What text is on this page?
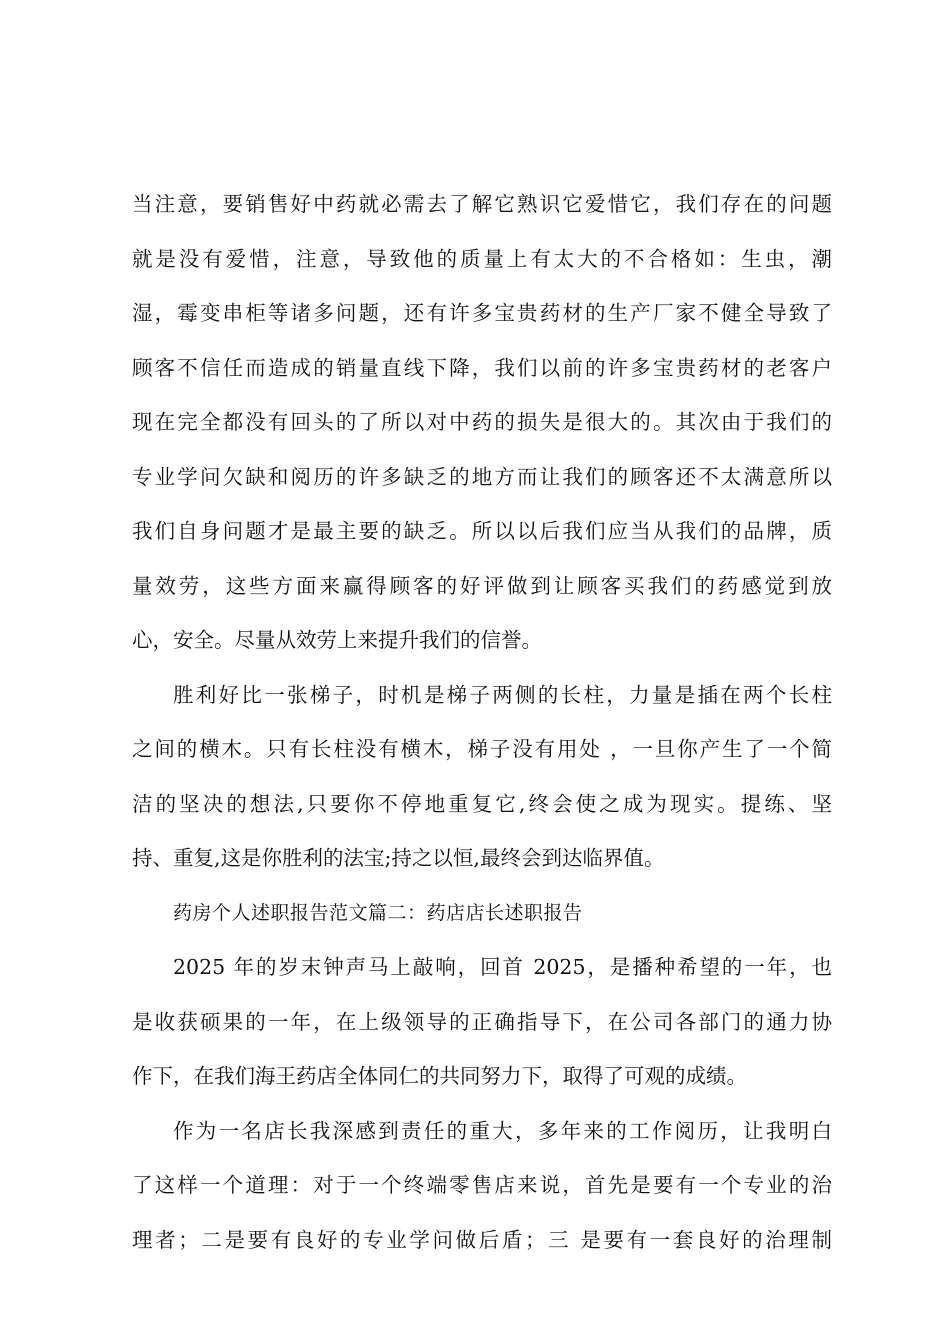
当注意，要销售好中药就必需去了解它熟识它爱惜它，我们存在的问题
就是没有爱惜，注意，导致他的质量上有太大的不合格如：生虫，潮
湿，霉变串柜等诸多问题，还有许多宝贵药材的生产厂家不健全导致了
顾客不信任而造成的销量直线下降，我们以前的许多宝贵药材的老客户
现在完全都没有回头的了所以对中药的损失是很大的。其次由于我们的
专业学问欠缺和阅历的许多缺乏的地方而让我们的顾客还不太满意所以
我们自身问题才是最主要的缺乏。所以以后我们应当从我们的品牌，质
量效劳，这些方面来赢得顾客的好评做到让顾客买我们的药感觉到放
心，安全。尽量从效劳上来提升我们的信誉。
胜利好比一张梯子，时机是梯子两侧的长柱，力量是插在两个长柱
之间的横木。只有长柱没有横木，梯子没有用处 ，一旦你产生了一个简
洁的坚决的想法,只要你不停地重复它,终会使之成为现实。提练、坚
持、重复,这是你胜利的法宝;持之以恒,最终会到达临界值。
药房个人述职报告范文篇二：药店店长述职报告
2025 年的岁末钟声马上敲响，回首 2025，是播种希望的一年，也
是收获硕果的一年，在上级领导的正确指导下，在公司各部门的通力协
作下，在我们海王药店全体同仁的共同努力下，取得了可观的成绩。
作为一名店长我深感到责任的重大，多年来的工作阅历，让我明白
了这样一个道理：对于一个终端零售店来说，首先是要有一个专业的治
理者；二是要有良好的专业学问做后盾；三 是要有一套良好的治理制
